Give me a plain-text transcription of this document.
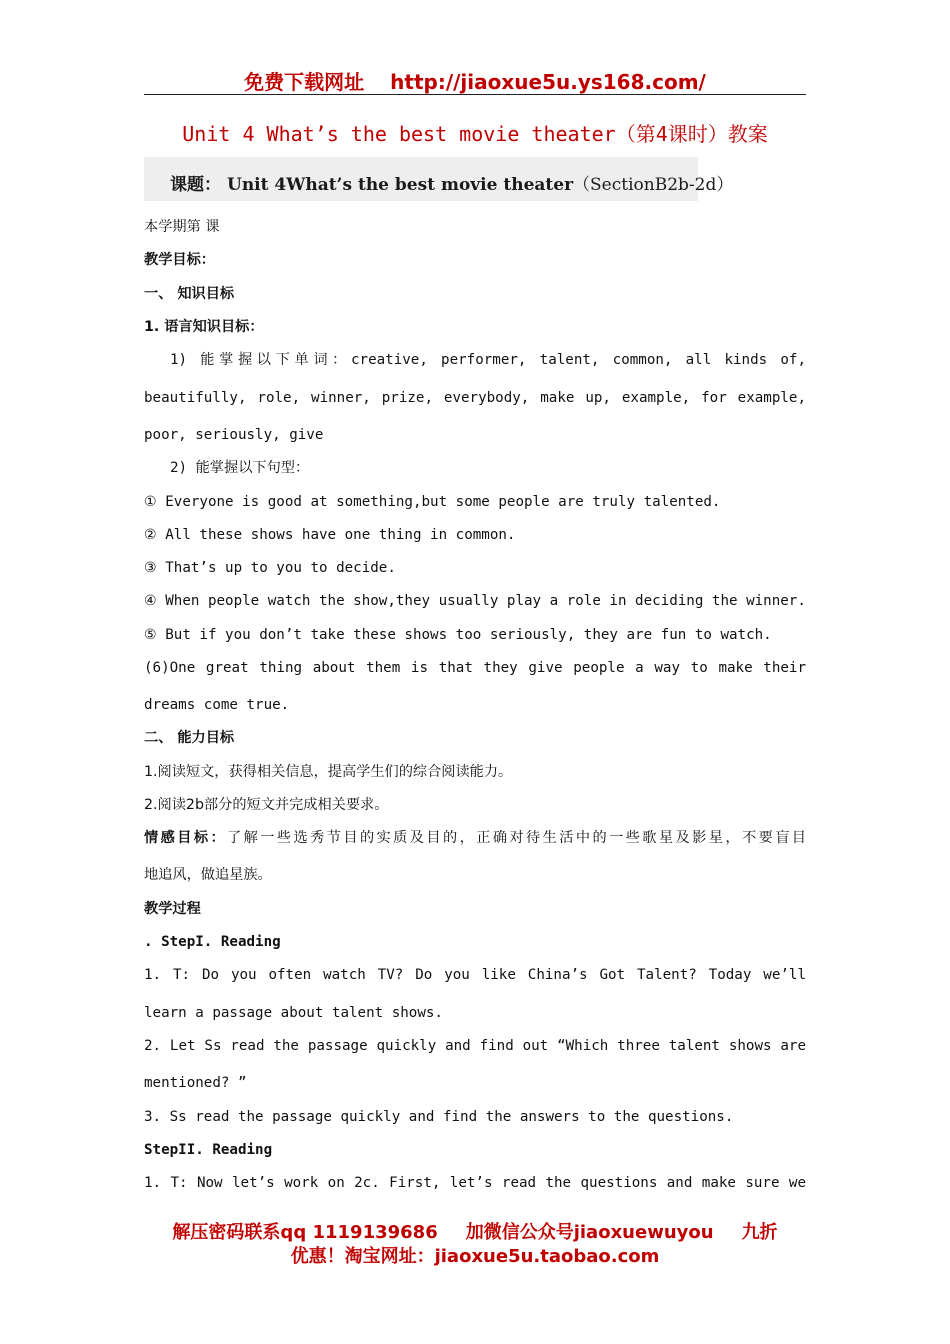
免费下载网址 http://jiaoxue5u.ys168.com/
Unit 4 What’s the best movie theater（第4课时）教案
课题： Unit 4What’s the best movie theater（SectionB2b-2d）
本学期第 课
教学目标：
一、 知识目标
1. 语言知识目标：
1) 能掌握以下单词：creative, performer, talent, common, all kinds of,
beautifully, role, winner, prize, everybody, make up, example, for example,
poor, seriously, give
2) 能掌握以下句型：
① Everyone is good at something,but some people are truly talented.
② All these shows have one thing in common.
③ That’s up to you to decide.
④ When people watch the show,they usually play a role in deciding the winner.
⑤ But if you don’t take these shows too seriously, they are fun to watch.
(6)One great thing about them is that they give people a way to make their
dreams come true.
二、 能力目标
1.阅读短文，获得相关信息，提高学生们的综合阅读能力。
2.阅读2b部分的短文并完成相关要求。
情感目标：了解一些选秀节目的实质及目的，正确对待生活中的一些歌星及影星，不要盲目
地追风，做追星族。
教学过程
. StepI. Reading
1. T: Do you often watch TV? Do you like China’s Got Talent? Today we’ll
learn a passage about talent shows.
2. Let Ss read the passage quickly and find out “Which three talent shows are
mentioned? ”
3. Ss read the passage quickly and find the answers to the questions.
StepII. Reading
1. T: Now let’s work on 2c. First, let’s read the questions and make sure we
解压密码联系qq 1119139686 加微信公众号jiaoxuewuyou 九折
优惠！淘宝网址：jiaoxue5u.taobao.com
